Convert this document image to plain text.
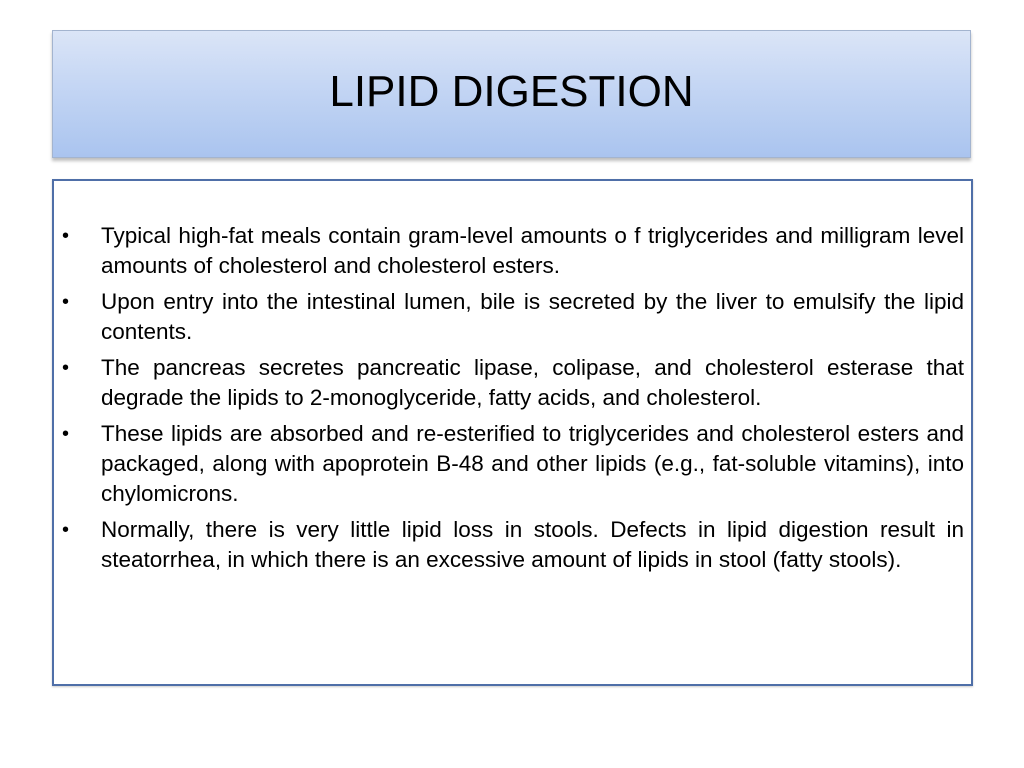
LIPID DIGESTION
• Typical high-fat meals contain gram-level amounts o f triglycerides and milligram level amounts of cholesterol and cholesterol esters.
• Upon entry into the intestinal lumen, bile is secreted by the liver to emulsify the lipid contents.
• The pancreas secretes pancreatic lipase, colipase, and cholesterol esterase that degrade the lipids to 2-monoglyceride, fatty acids, and cholesterol.
• These lipids are absorbed and re-esterified to triglycerides and cholesterol esters and packaged, along with apoprotein B-48 and other lipids (e.g., fat-soluble vitamins), into chylomicrons.
• Normally, there is very little lipid loss in stools. Defects in lipid digestion result in steatorrhea, in which there is an excessive amount of lipids in stool (fatty stools).
